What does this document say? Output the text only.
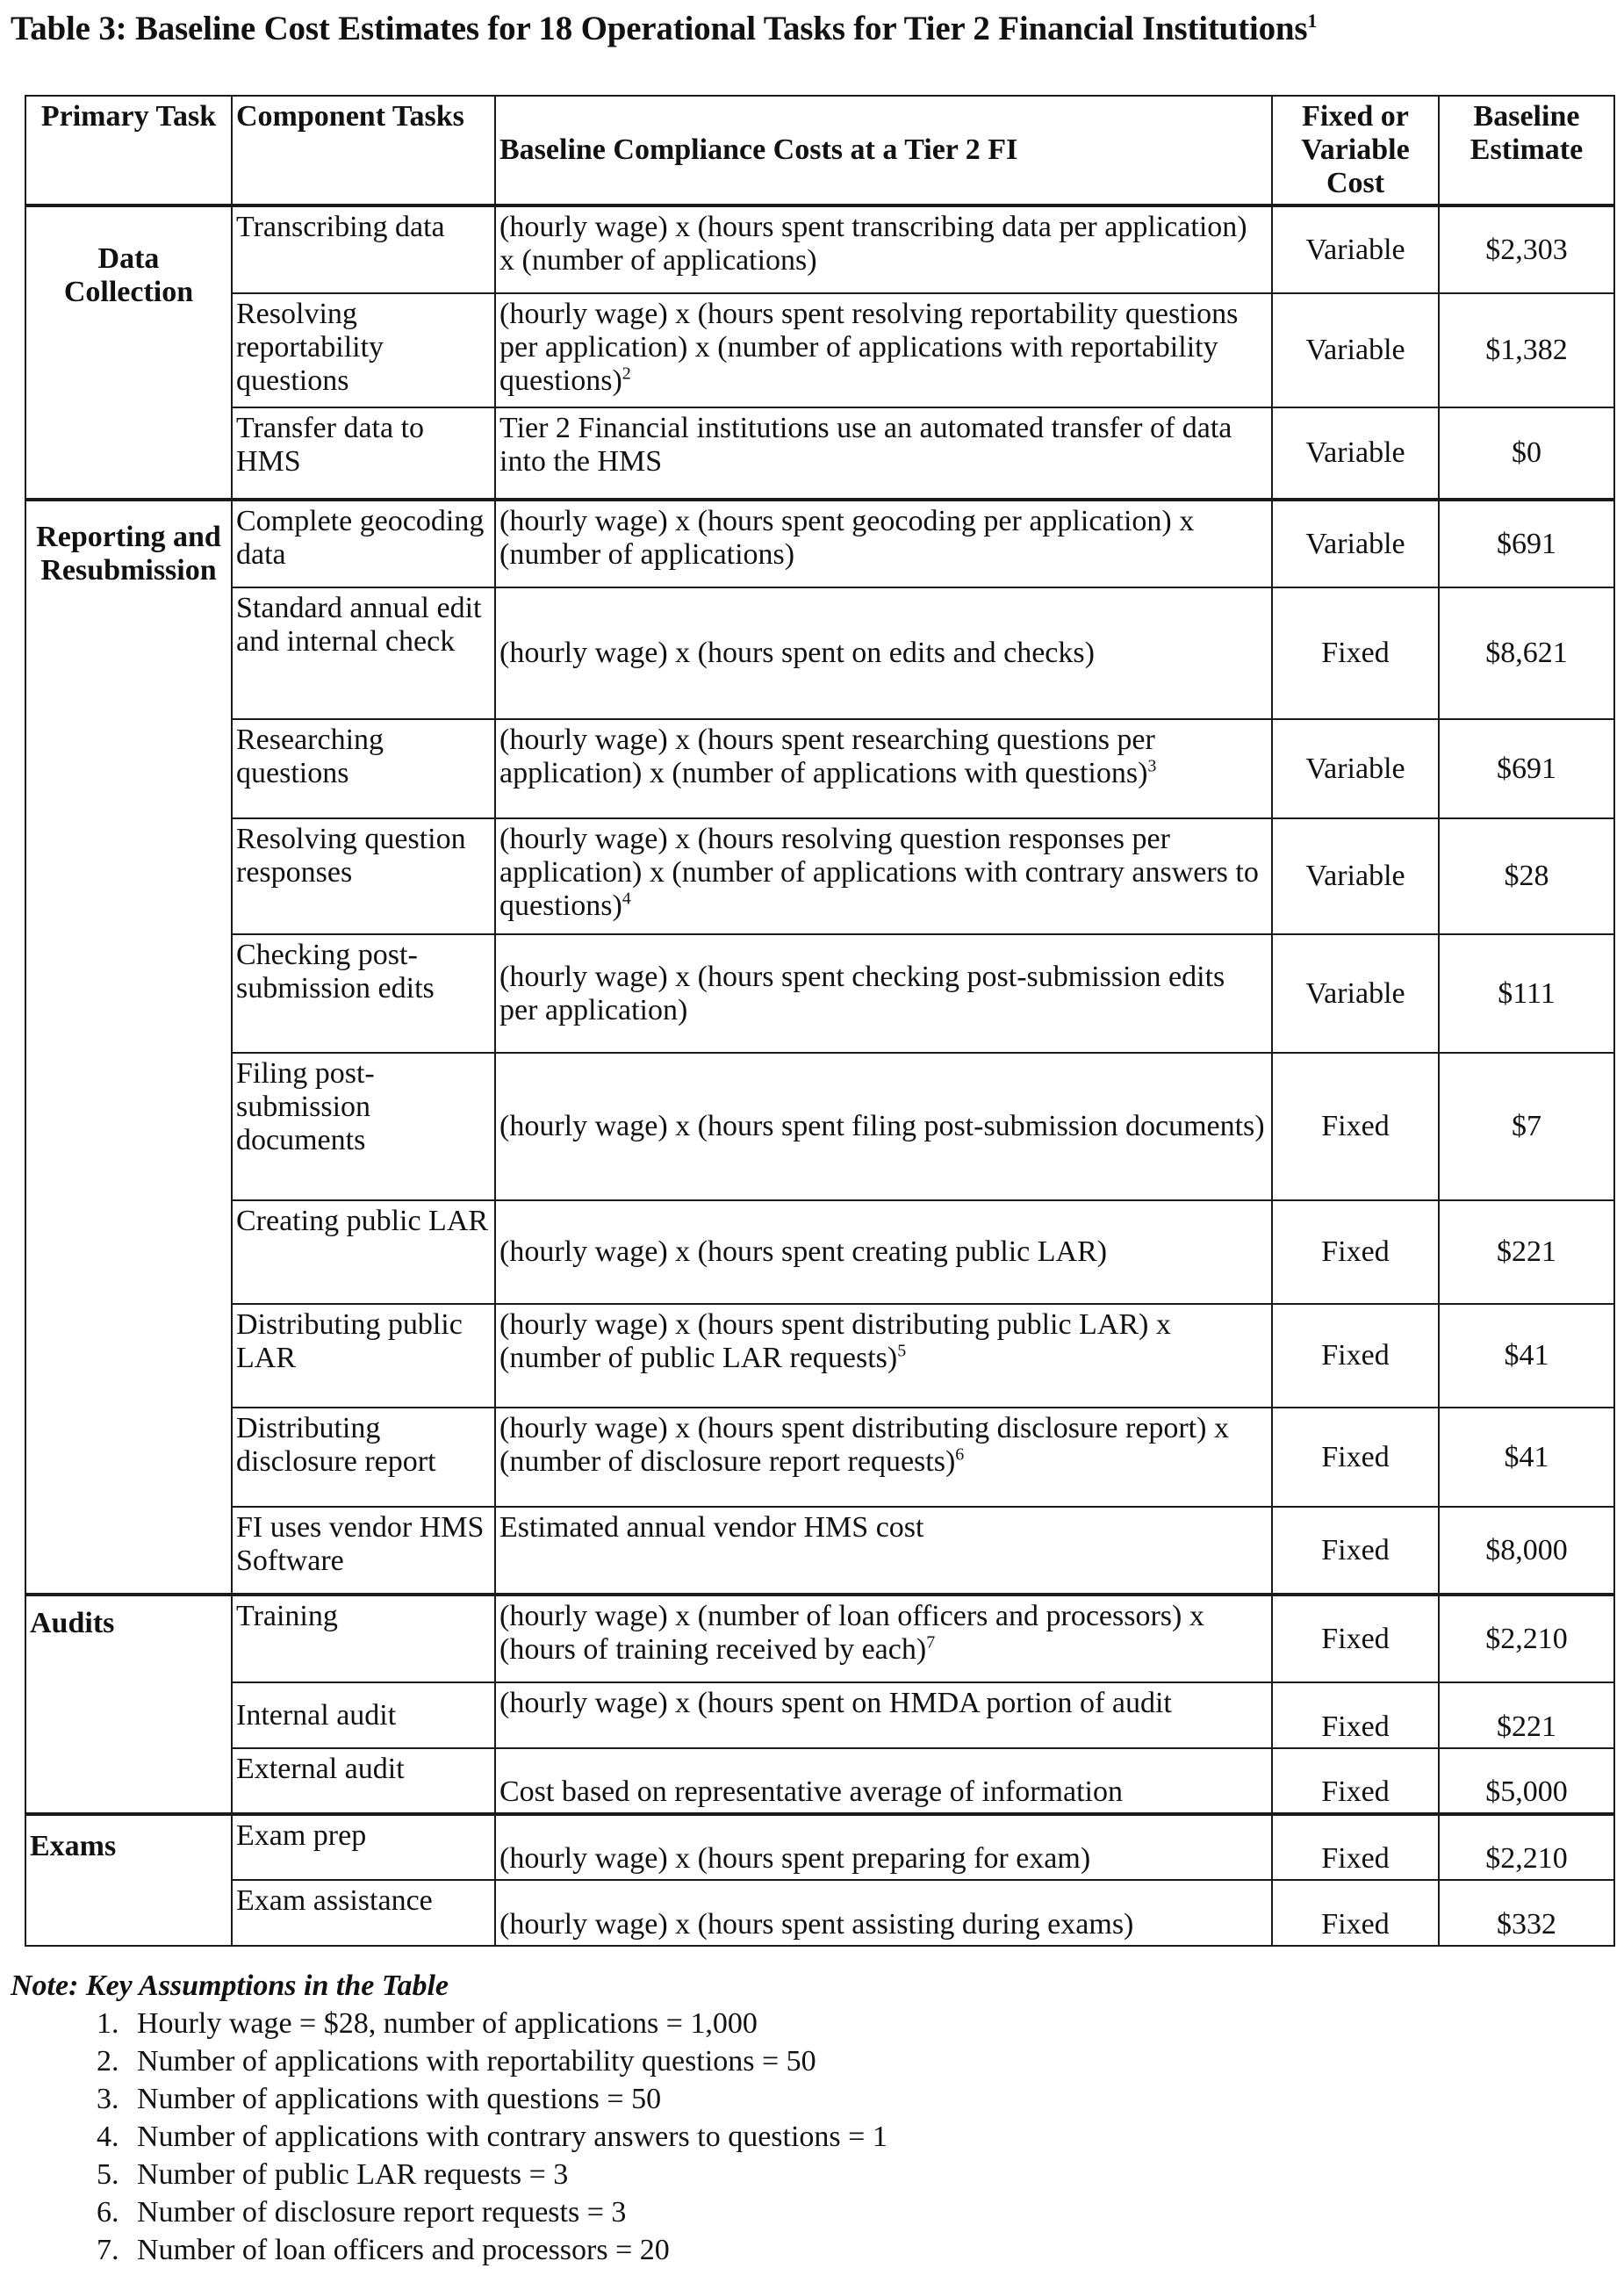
Table 3: Baseline Cost Estimates for 18 Operational Tasks for Tier 2 Financial Institutions$^1$
Primary Task	Component Tasks	Baseline Compliance Costs at a Tier 2 FI	Fixed or Variable Cost	Baseline Estimate
Data Collection	Transcribing data	(hourly wage) x (hours spent transcribing data per application) x (number of applications)	Variable	$2,303
	Resolving reportability questions	(hourly wage) x (hours spent resolving reportability questions per application) x (number of applications with reportability questions)$^2$	Variable	$1,382
	Transfer data to HMS	Tier 2 Financial institutions use an automated transfer of data into the HMS	Variable	$0
Reporting and Resubmission	Complete geocoding data	(hourly wage) x (hours spent geocoding per application) x (number of applications)	Variable	$691
	Standard annual edit and internal check	(hourly wage) x (hours spent on edits and checks)	Fixed	$8,621
	Researching questions	(hourly wage) x (hours spent researching questions per application) x (number of applications with questions)$^3$	Variable	$691
	Resolving question responses	(hourly wage) x (hours resolving question responses per application) x (number of applications with contrary answers to questions)$^4$	Variable	$28
	Checking post-submission edits	(hourly wage) x (hours spent checking post-submission edits per application)	Variable	$111
	Filing post-submission documents	(hourly wage) x (hours spent filing post-submission documents)	Fixed	$7
	Creating public LAR	(hourly wage) x (hours spent creating public LAR)	Fixed	$221
	Distributing public LAR	(hourly wage) x (hours spent distributing public LAR) x (number of public LAR requests)$^5$	Fixed	$41
	Distributing disclosure report	(hourly wage) x (hours spent distributing disclosure report) x (number of disclosure report requests)$^6$	Fixed	$41
	FI uses vendor HMS Software	Estimated annual vendor HMS cost	Fixed	$8,000
Audits	Training	(hourly wage) x (number of loan officers and processors) x (hours of training received by each)$^7$	Fixed	$2,210
	Internal audit	(hourly wage) x (hours spent on HMDA portion of audit	Fixed	$221
	External audit	Cost based on representative average of information	Fixed	$5,000
Exams	Exam prep	(hourly wage) x (hours spent preparing for exam)	Fixed	$2,210
	Exam assistance	(hourly wage) x (hours spent assisting during exams)	Fixed	$332
Note: Key Assumptions in the Table
1. Hourly wage = $28, number of applications = 1,000
2. Number of applications with reportability questions = 50
3. Number of applications with questions = 50
4. Number of applications with contrary answers to questions = 1
5. Number of public LAR requests = 3
6. Number of disclosure report requests = 3
7. Number of loan officers and processors = 20
